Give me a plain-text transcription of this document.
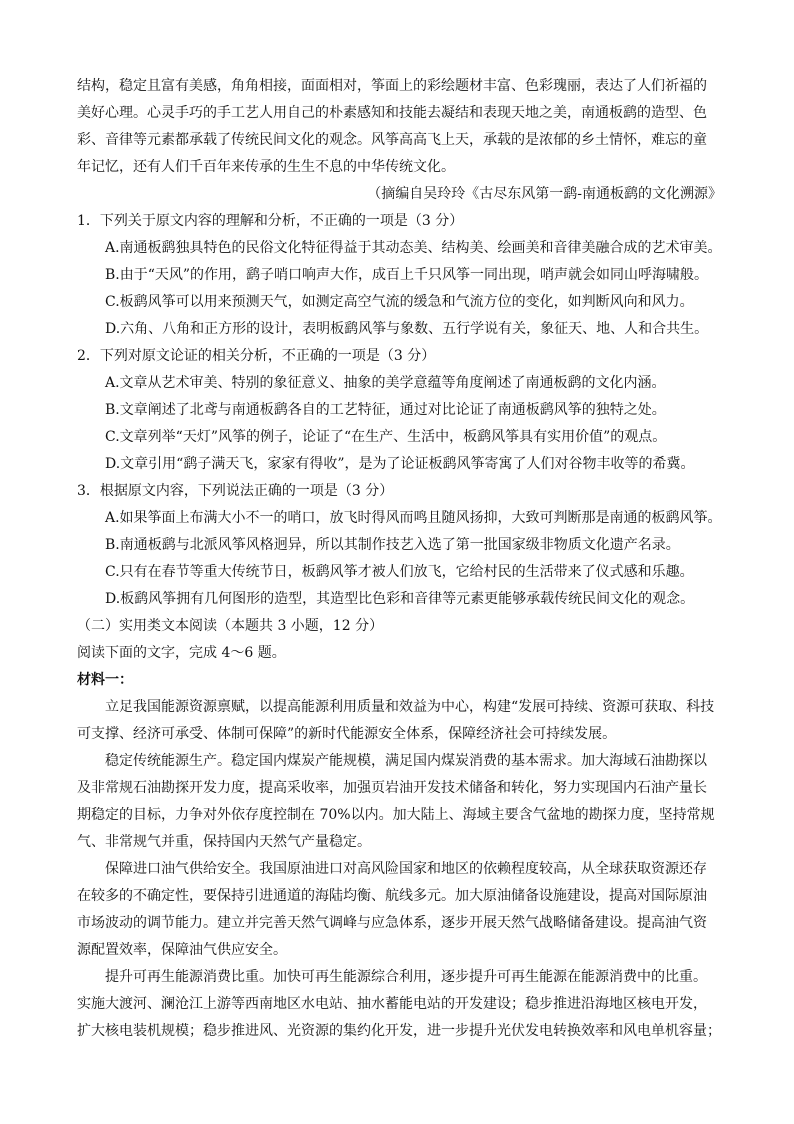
结构，稳定且富有美感，角角相接，面面相对，筝面上的彩绘题材丰富、色彩瑰丽，表达了人们祈福的
美好心理。心灵手巧的手工艺人用自己的朴素感知和技能去凝结和表现天地之美，南通板鹞的造型、色
彩、音律等元素都承载了传统民间文化的观念。风筝高高飞上天，承载的是浓郁的乡土情怀，难忘的童
年记忆，还有人们千百年来传承的生生不息的中华传统文化。
（摘编自吴玲玲《古尽东风第一鹞-南通板鹞的文化溯源》
1．下列关于原文内容的理解和分析，不正确的一项是（3 分）
A.南通板鹞独具特色的民俗文化特征得益于其动态美、结构美、绘画美和音律美融合成的艺术审美。
B.由于“天风”的作用，鹞子哨口响声大作，成百上千只风筝一同出现，哨声就会如同山呼海啸般。
C.板鹞风筝可以用来预测天气，如测定高空气流的缓急和气流方位的变化，如判断风向和风力。
D.六角、八角和正方形的设计，表明板鹞风筝与象数、五行学说有关，象征天、地、人和合共生。
2．下列对原文论证的相关分析，不正确的一项是（3 分）
A.文章从艺术审美、特别的象征意义、抽象的美学意蕴等角度阐述了南通板鹞的文化内涵。
B.文章阐述了北鸢与南通板鹞各自的工艺特征，通过对比论证了南通板鹞风筝的独特之处。
C.文章列举“天灯”风筝的例子，论证了“在生产、生活中，板鹞风筝具有实用价值”的观点。
D.文章引用“鹞子满天飞，家家有得收”，是为了论证板鹞风筝寄寓了人们对谷物丰收等的希冀。
3．根据原文内容，下列说法正确的一项是（3 分）
A.如果筝面上布满大小不一的哨口，放飞时得风而鸣且随风扬抑，大致可判断那是南通的板鹞风筝。
B.南通板鹞与北派风筝风格迥异，所以其制作技艺入选了第一批国家级非物质文化遗产名录。
C.只有在春节等重大传统节日，板鹞风筝才被人们放飞，它给村民的生活带来了仪式感和乐趣。
D.板鹞风筝拥有几何图形的造型，其造型比色彩和音律等元素更能够承载传统民间文化的观念。
（二）实用类文本阅读（本题共 3 小题，12 分）
阅读下面的文字，完成 4～6 题。
材料一：
立足我国能源资源禀赋，以提高能源利用质量和效益为中心，构建“发展可持续、资源可获取、科技
可支撑、经济可承受、体制可保障”的新时代能源安全体系，保障经济社会可持续发展。
稳定传统能源生产。稳定国内煤炭产能规模，满足国内煤炭消费的基本需求。加大海域石油勘探以
及非常规石油勘探开发力度，提高采收率，加强页岩油开发技术储备和转化，努力实现国内石油产量长
期稳定的目标，力争对外依存度控制在 70%以内。加大陆上、海域主要含气盆地的勘探力度，坚持常规
气、非常规气并重，保持国内天然气产量稳定。
保障进口油气供给安全。我国原油进口对高风险国家和地区的依赖程度较高，从全球获取资源还存
在较多的不确定性，要保持引进通道的海陆均衡、航线多元。加大原油储备设施建设，提高对国际原油
市场波动的调节能力。建立并完善天然气调峰与应急体系，逐步开展天然气战略储备建设。提高油气资
源配置效率，保障油气供应安全。
提升可再生能源消费比重。加快可再生能源综合利用，逐步提升可再生能源在能源消费中的比重。
实施大渡河、澜沧江上游等西南地区水电站、抽水蓄能电站的开发建设；稳步推进沿海地区核电开发，
扩大核电装机规模；稳步推进风、光资源的集约化开发，进一步提升光伏发电转换效率和风电单机容量；
